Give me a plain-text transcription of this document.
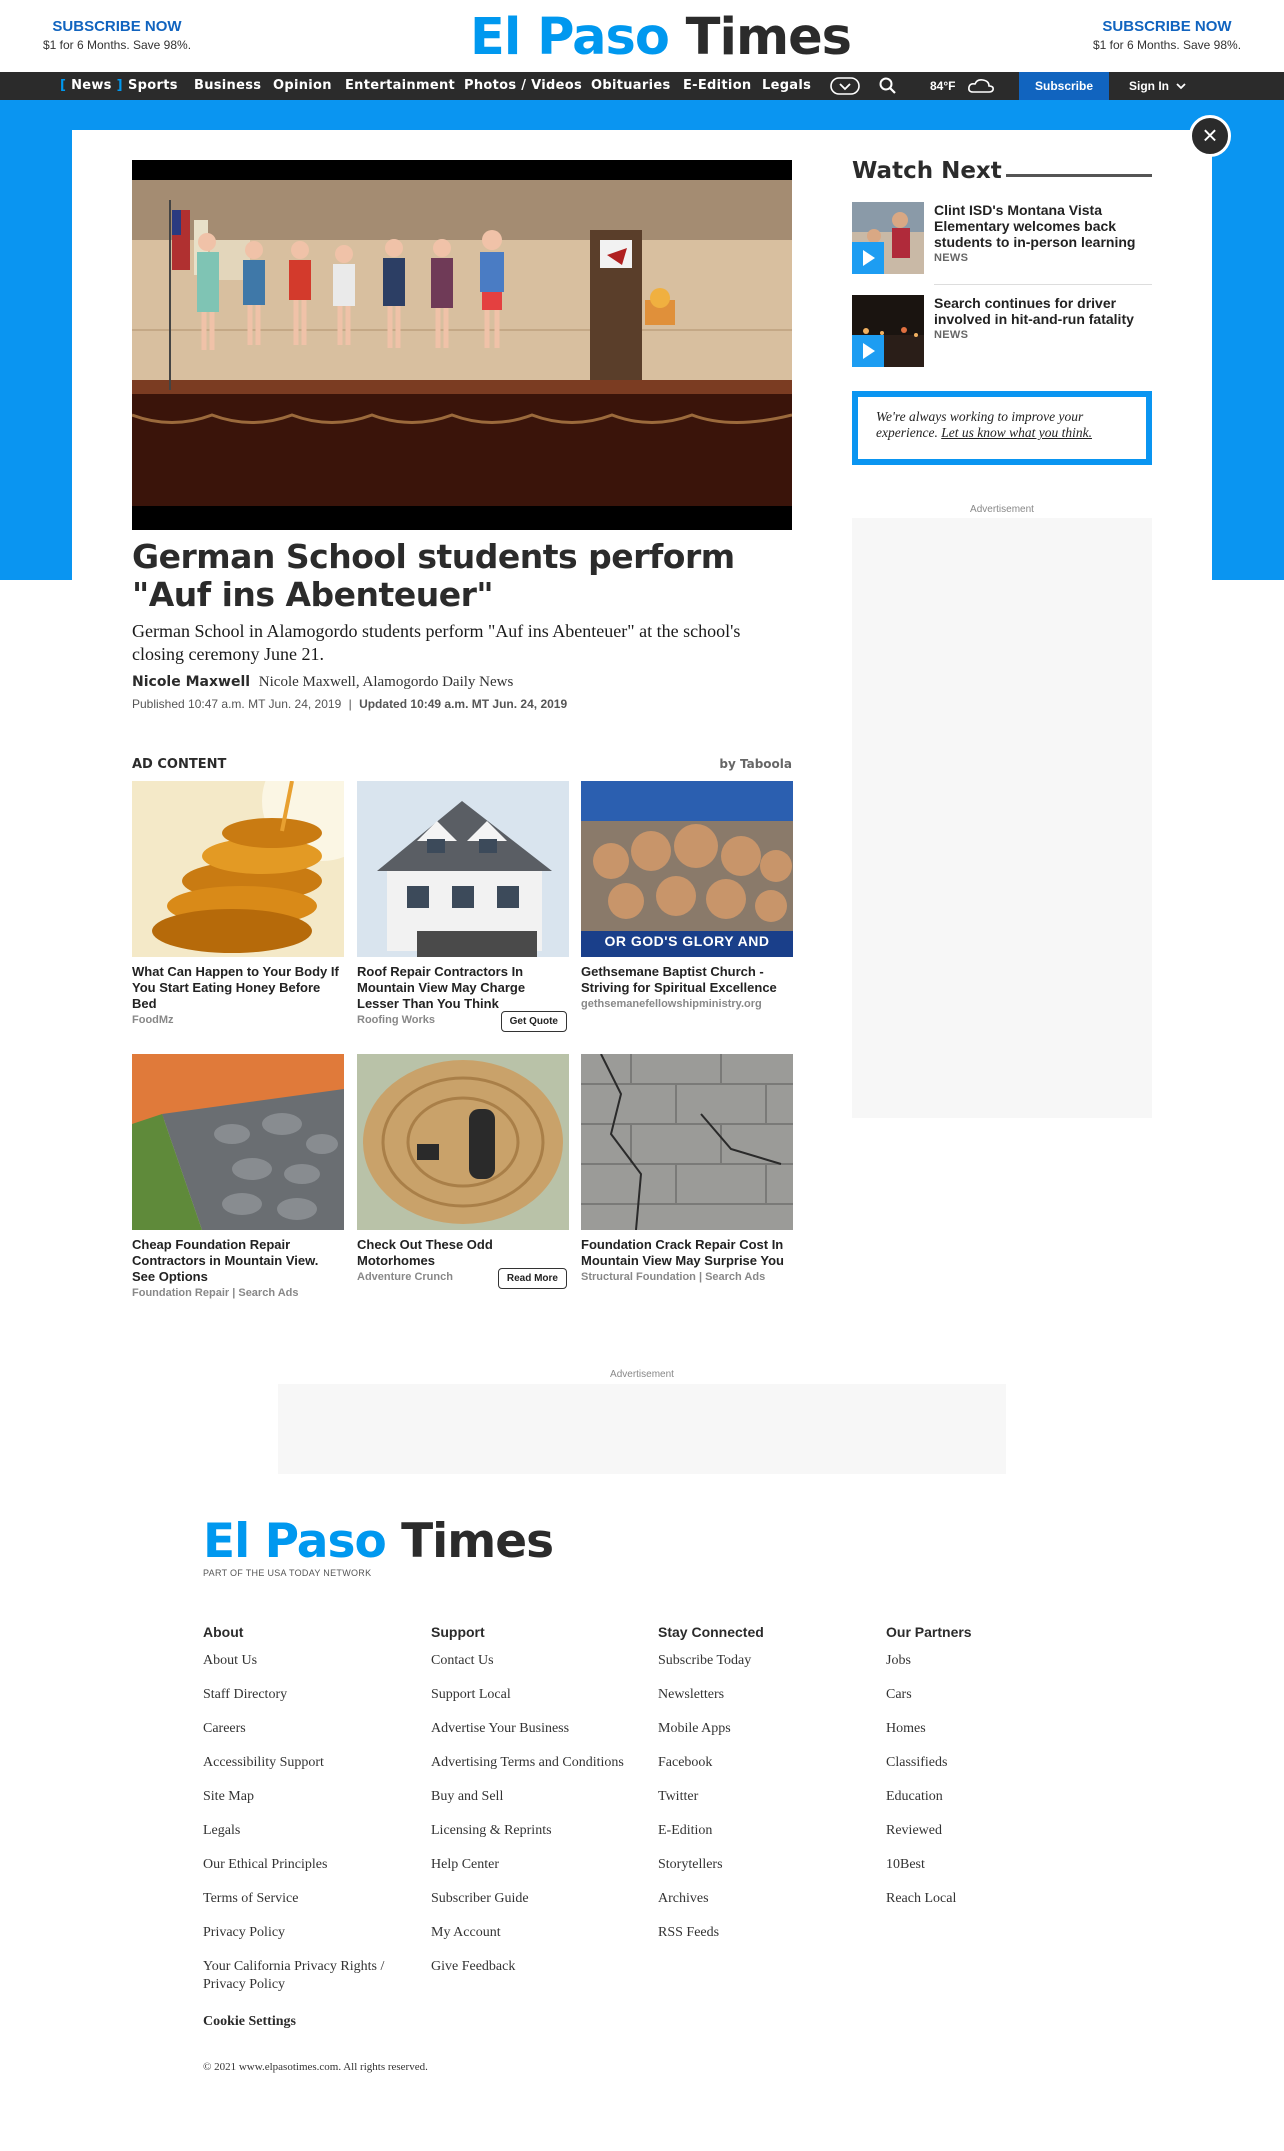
SUBSCRIBE NOW
$1 for 6 Months. Save 98%.	El Paso Times	SUBSCRIBE NOW
$1 for 6 Months. Save 98%.
[ News ] Sports Business Opinion Entertainment Photos / Videos Obituaries E-Edition Legals	84°F	Subscribe	Sign In
×
German School students perform "Auf ins Abenteuer"
German School in Alamogordo students perform "Auf ins Abenteuer" at the school's closing ceremony June 21.
Nicole Maxwell Nicole Maxwell, Alamogordo Daily News
Published 10:47 a.m. MT Jun. 24, 2019 | Updated 10:49 a.m. MT Jun. 24, 2019
AD CONTENT	by Taboola
What Can Happen to Your Body If You Start Eating Honey Before Bed
FoodMz
Roof Repair Contractors In Mountain View May Charge Lesser Than You Think
Roofing Works	Get Quote
OR GOD'S GLORY AND
Gethsemane Baptist Church - Striving for Spiritual Excellence
gethsemanefellowshipministry.org
Cheap Foundation Repair Contractors in Mountain View. See Options
Foundation Repair | Search Ads
Check Out These Odd Motorhomes
Adventure Crunch	Read More
Foundation Crack Repair Cost In Mountain View May Surprise You
Structural Foundation | Search Ads
Watch Next
Clint ISD's Montana Vista Elementary welcomes back students to in-person learning
NEWS
Search continues for driver involved in hit-and-run fatality
NEWS
We're always working to improve your experience. Let us know what you think.
Advertisement
Advertisement
El Paso Times
PART OF THE USA TODAY NETWORK
About
About Us
Staff Directory
Careers
Accessibility Support
Site Map
Legals
Our Ethical Principles
Terms of Service
Privacy Policy
Your California Privacy Rights / Privacy Policy
Support
Contact Us
Support Local
Advertise Your Business
Advertising Terms and Conditions
Buy and Sell
Licensing & Reprints
Help Center
Subscriber Guide
My Account
Give Feedback
Stay Connected
Subscribe Today
Newsletters
Mobile Apps
Facebook
Twitter
E-Edition
Storytellers
Archives
RSS Feeds
Our Partners
Jobs
Cars
Homes
Classifieds
Education
Reviewed
10Best
Reach Local
Cookie Settings
© 2021 www.elpasotimes.com. All rights reserved.
